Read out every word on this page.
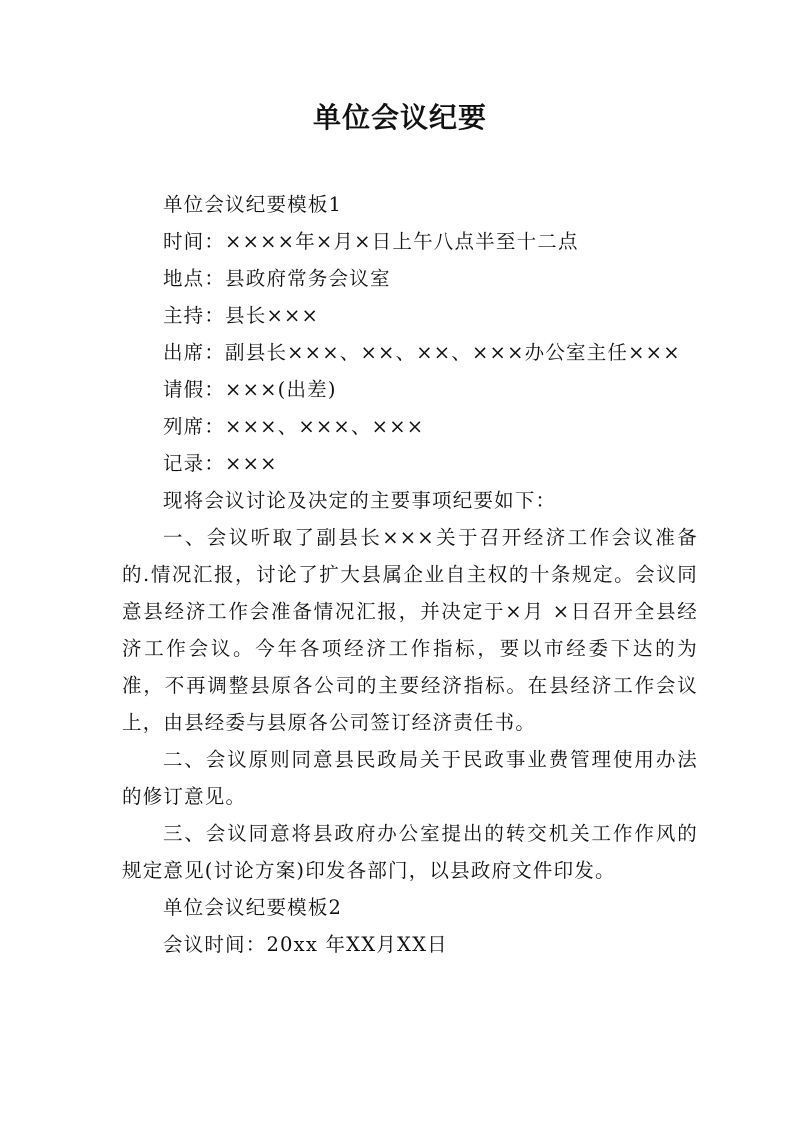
单位会议纪要

单位会议纪要模板1

时间：××××年×月×日上午八点半至十二点

地点：县政府常务会议室

主持：县长×××

出席：副县长×××、××、××、×××办公室主任×××

请假：×××(出差)

列席：×××、×××、×××

记录：×××

现将会议讨论及决定的主要事项纪要如下：

一、会议听取了副县长×××关于召开经济工作会议准备的.情况汇报，讨论了扩大县属企业自主权的十条规定。会议同意县经济工作会准备情况汇报，并决定于×月 ×日召开全县经济工作会议。今年各项经济工作指标，要以市经委下达的为准，不再调整县原各公司的主要经济指标。在县经济工作会议上，由县经委与县原各公司签订经济责任书。

二、会议原则同意县民政局关于民政事业费管理使用办法的修订意见。

三、会议同意将县政府办公室提出的转交机关工作作风的规定意见(讨论方案)印发各部门，以县政府文件印发。

单位会议纪要模板2

会议时间：20xx 年XX月XX日
